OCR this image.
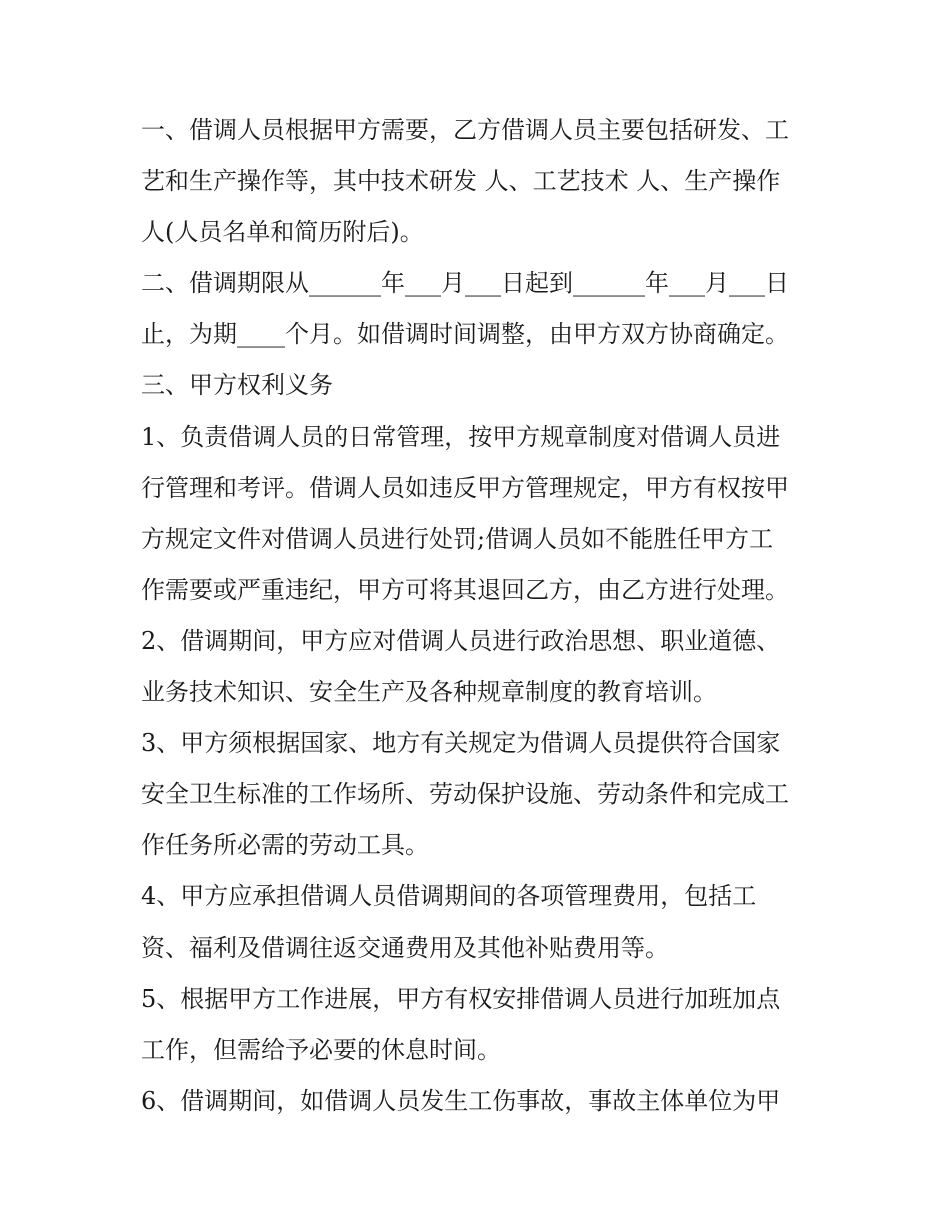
一、借调人员根据甲方需要，乙方借调人员主要包括研发、工

艺和生产操作等，其中技术研发 人、工艺技术 人、生产操作

人(人员名单和简历附后)。

二、借调期限从______年___月___日起到______年___月___日

止，为期____个月。如借调时间调整，由甲方双方协商确定。

三、甲方权利义务

1、负责借调人员的日常管理，按甲方规章制度对借调人员进

行管理和考评。借调人员如违反甲方管理规定，甲方有权按甲

方规定文件对借调人员进行处罚;借调人员如不能胜任甲方工

作需要或严重违纪，甲方可将其退回乙方，由乙方进行处理。

2、借调期间，甲方应对借调人员进行政治思想、职业道德、

业务技术知识、安全生产及各种规章制度的教育培训。

3、甲方须根据国家、地方有关规定为借调人员提供符合国家

安全卫生标准的工作场所、劳动保护设施、劳动条件和完成工

作任务所必需的劳动工具。

4、甲方应承担借调人员借调期间的各项管理费用，包括工

资、福利及借调往返交通费用及其他补贴费用等。

5、根据甲方工作进展，甲方有权安排借调人员进行加班加点

工作，但需给予必要的休息时间。

6、借调期间，如借调人员发生工伤事故，事故主体单位为甲
